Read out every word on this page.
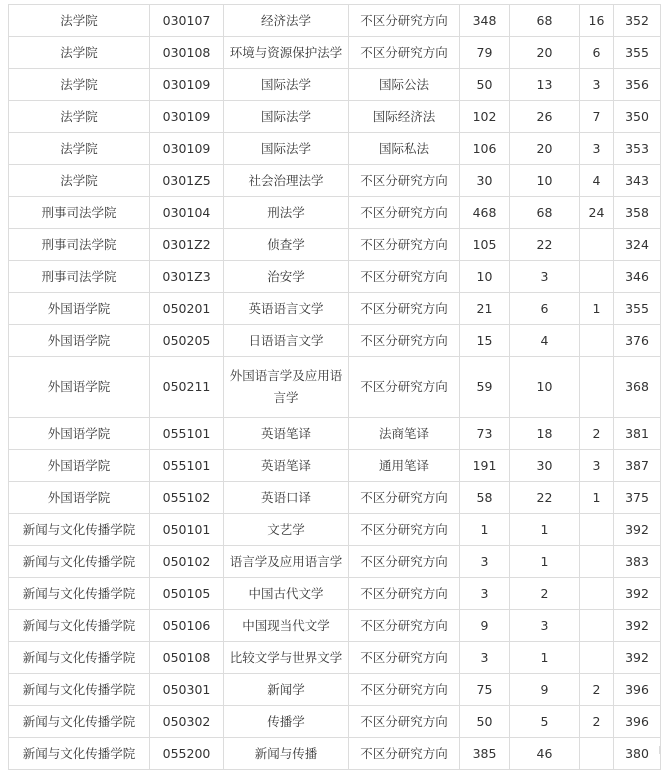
法学院	030107	经济法学	不区分研究方向	348	68	16	352
法学院	030108	环境与资源保护法学	不区分研究方向	79	20	6	355
法学院	030109	国际法学	国际公法	50	13	3	356
法学院	030109	国际法学	国际经济法	102	26	7	350
法学院	030109	国际法学	国际私法	106	20	3	353
法学院	0301Z5	社会治理法学	不区分研究方向	30	10	4	343
刑事司法学院	030104	刑法学	不区分研究方向	468	68	24	358
刑事司法学院	0301Z2	侦查学	不区分研究方向	105	22		324
刑事司法学院	0301Z3	治安学	不区分研究方向	10	3		346
外国语学院	050201	英语语言文学	不区分研究方向	21	6	1	355
外国语学院	050205	日语语言文学	不区分研究方向	15	4		376
外国语学院	050211	外国语言学及应用语言学	不区分研究方向	59	10		368
外国语学院	055101	英语笔译	法商笔译	73	18	2	381
外国语学院	055101	英语笔译	通用笔译	191	30	3	387
外国语学院	055102	英语口译	不区分研究方向	58	22	1	375
新闻与文化传播学院	050101	文艺学	不区分研究方向	1	1		392
新闻与文化传播学院	050102	语言学及应用语言学	不区分研究方向	3	1		383
新闻与文化传播学院	050105	中国古代文学	不区分研究方向	3	2		392
新闻与文化传播学院	050106	中国现当代文学	不区分研究方向	9	3		392
新闻与文化传播学院	050108	比较文学与世界文学	不区分研究方向	3	1		392
新闻与文化传播学院	050301	新闻学	不区分研究方向	75	9	2	396
新闻与文化传播学院	050302	传播学	不区分研究方向	50	5	2	396
新闻与文化传播学院	055200	新闻与传播	不区分研究方向	385	46		380
